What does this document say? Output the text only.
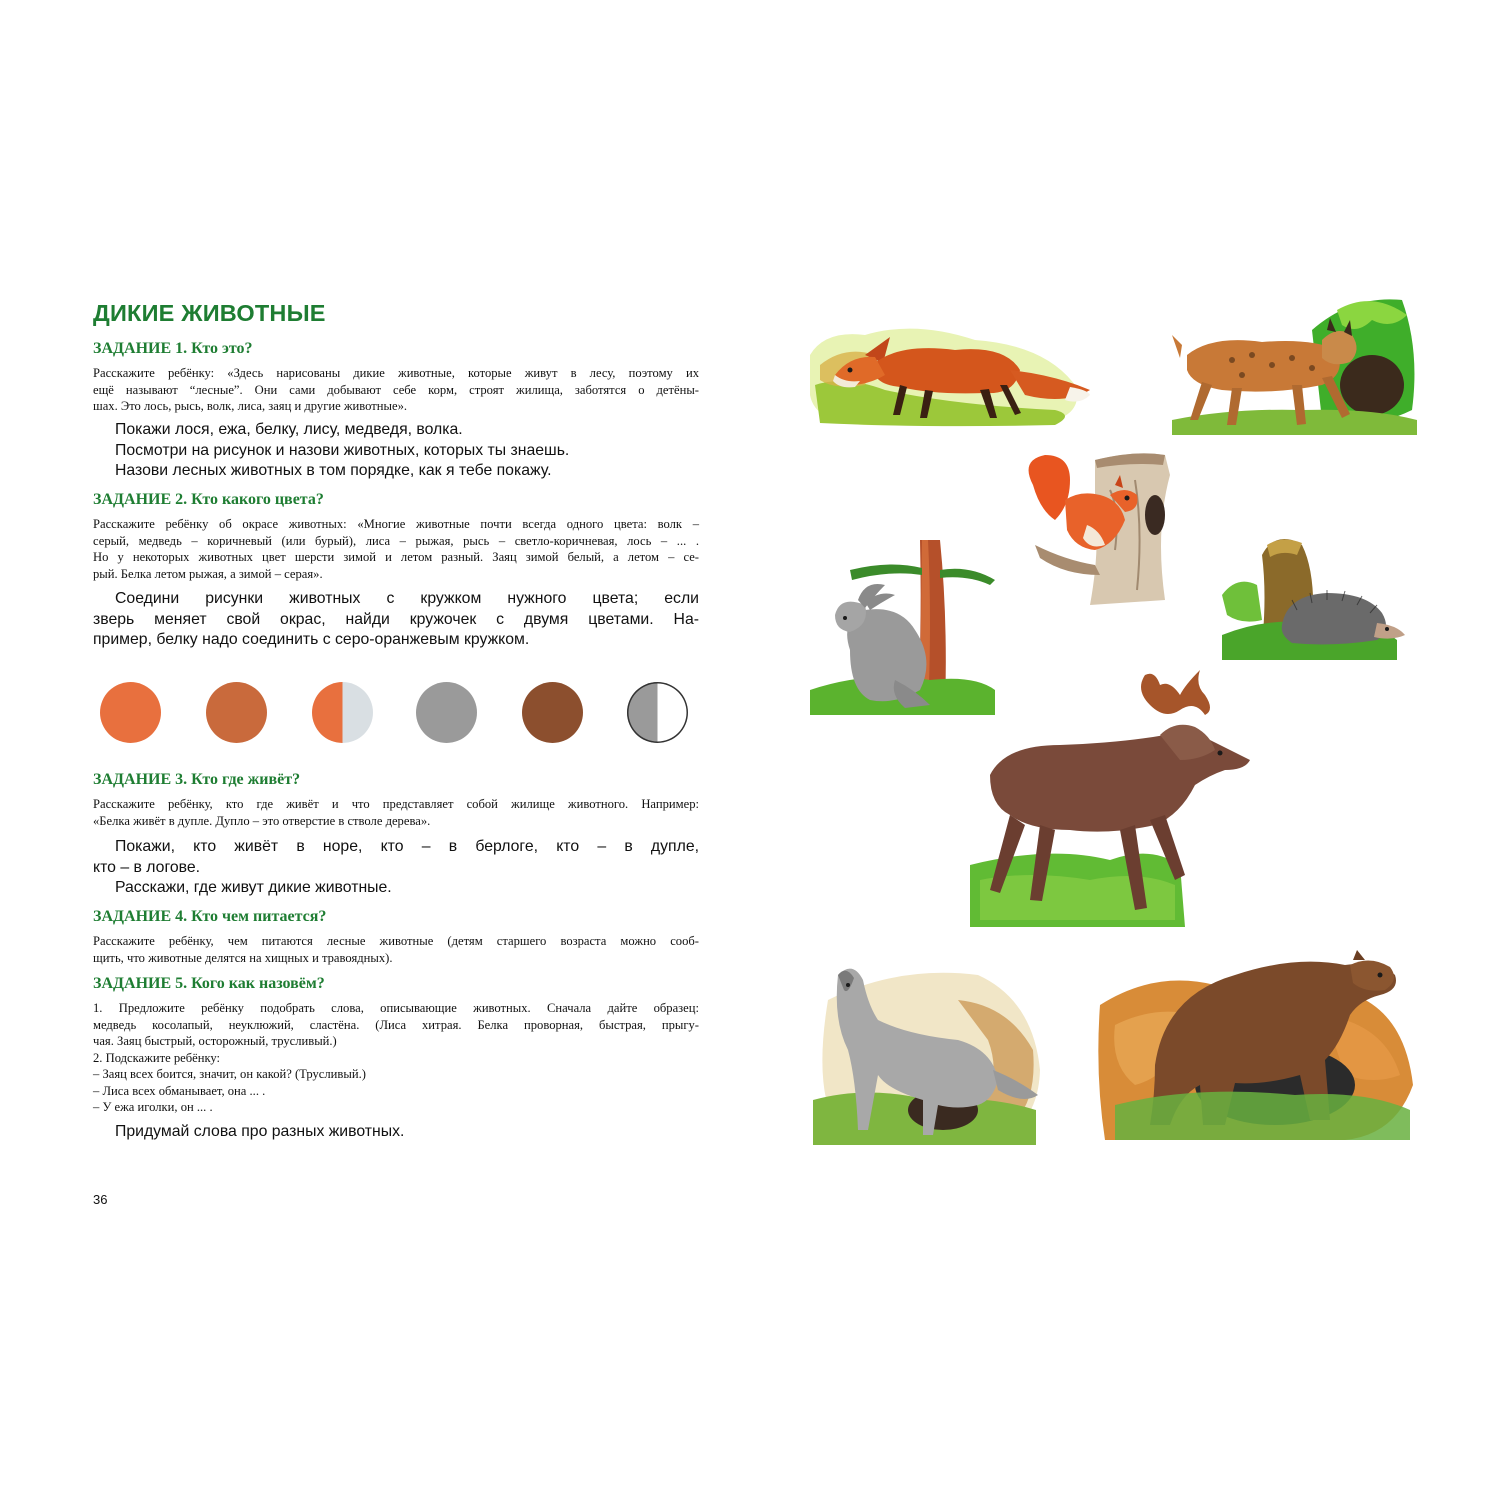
ДИКИЕ ЖИВОТНЫЕ
ЗАДАНИЕ 1. Кто это?
Расскажите ребёнку: «Здесь нарисованы дикие животные, которые живут в лесу, поэтому их
ещё называют “лесные”. Они сами добывают себе корм, строят жилища, заботятся о детёны-
шах. Это лось, рысь, волк, лиса, заяц и другие животные».
Покажи лося, ежа, белку, лису, медведя, волка.
Посмотри на рисунок и назови животных, которых ты знаешь.
Назови лесных животных в том порядке, как я тебе покажу.
ЗАДАНИЕ 2. Кто какого цвета?
Расскажите ребёнку об окрасе животных: «Многие животные почти всегда одного цвета: волк –
серый, медведь – коричневый (или бурый), лиса – рыжая, рысь – светло-коричневая, лось – ... .
Но у некоторых животных цвет шерсти зимой и летом разный. Заяц зимой белый, а летом – се-
рый. Белка летом рыжая, а зимой – серая».
Соедини рисунки животных с кружком нужного цвета; если
зверь меняет свой окрас, найди кружочек с двумя цветами. На-
пример, белку надо соединить с серо-оранжевым кружком.
ЗАДАНИЕ 3. Кто где живёт?
Расскажите ребёнку, кто где живёт и что представляет собой жилище животного. Например:
«Белка живёт в дупле. Дупло – это отверстие в стволе дерева».
Покажи, кто живёт в норе, кто – в берлоге, кто – в дупле,
кто – в логове.
Расскажи, где живут дикие животные.
ЗАДАНИЕ 4. Кто чем питается?
Расскажите ребёнку, чем питаются лесные животные (детям старшего возраста можно сооб-
щить, что животные делятся на хищных и травоядных).
ЗАДАНИЕ 5. Кого как назовём?
1. Предложите ребёнку подобрать слова, описывающие животных. Сначала дайте образец:
медведь косолапый, неуклюжий, сластёна. (Лиса хитрая. Белка проворная, быстрая, прыгу-
чая. Заяц быстрый, осторожный, трусливый.)
2. Подскажите ребёнку:
– Заяц всех боится, значит, он какой? (Трусливый.)
– Лиса всех обманывает, она ... .
– У ежа иголки, он ... .
Придумай слова про разных животных.
36
